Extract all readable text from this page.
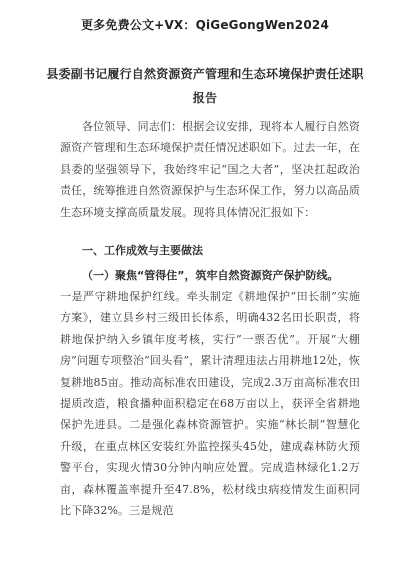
更多免费公文+VX：QiGeGongWen2024
县委副书记履行自然资源资产管理和生态环境保护责任述职报告
各位领导、同志们：根据会议安排，现将本人履行自然资源资产管理和生态环境保护责任情况述职如下。过去一年，在县委的坚强领导下，我始终牢记“国之大者”，坚决扛起政治责任，统筹推进自然资源保护与生态环保工作，努力以高品质生态环境支撑高质量发展。现将具体情况汇报如下：
一、工作成效与主要做法
（一）聚焦“管得住”，筑牢自然资源资产保护防线。
一是严守耕地保护红线。牵头制定《耕地保护“田长制”实施方案》，建立县乡村三级田长体系，明确432名田长职责，将耕地保护纳入乡镇年度考核，实行“一票否优”。开展“大棚房”问题专项整治“回头看”，累计清理违法占用耕地12处，恢复耕地85亩。推动高标准农田建设，完成2.3万亩高标准农田提质改造，粮食播种面积稳定在68万亩以上，获评全省耕地保护先进县。二是强化森林资源管护。实施“林长制”智慧化升级，在重点林区安装红外监控探头45处，建成森林防火预警平台，实现火情30分钟内响应处置。完成造林绿化1.2万亩，森林覆盖率提升至47.8%，松材线虫病疫情发生面积同比下降32%。三是规范
